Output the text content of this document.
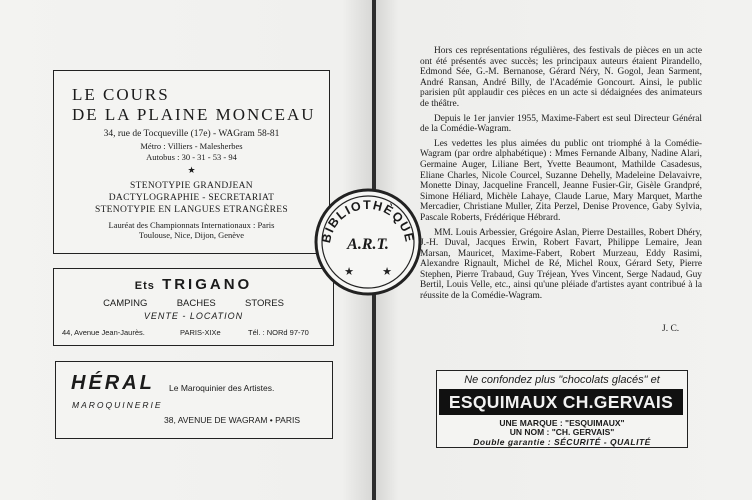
LE COURS
DE LA PLAINE MONCEAU
34, rue de Tocqueville (17e) - WAGram 58-81
Métro : Villiers - Malesherbes
Autobus : 30 - 31 - 53 - 94
★
STENOTYPIE GRANDJEAN
DACTYLOGRAPHIE - SECRETARIAT
STENOTYPIE EN LANGUES ETRANGÈRES
Lauréat des Championnats Internationaux : Paris
Toulouse, Nice, Dijon, Genève
Ets TRIGANO
CAMPING	BACHES	STORES
VENTE - LOCATION
44, Avenue Jean-Jaurès.	PARIS-XIXe	Tél. : NORd 97-70
HÉRAL Le Maroquinier des Artistes.
MAROQUINERIE
38, AVENUE DE WAGRAM • PARIS

Hors ces représentations régulières, des festivals de pièces en un acte ont été présentés avec succès; les principaux auteurs étaient Pirandello, Edmond Sée, G.-M. Bernanose, Gérard Néry, N. Gogol, Jean Sarment, André Ransan, André Billy, de l'Académie Goncourt. Ainsi, le public parisien pût applaudir ces pièces en un acte si dédaignées des animateurs de théâtre.

Depuis le 1er janvier 1955, Maxime-Fabert est seul Directeur Général de la Comédie-Wagram.

Les vedettes les plus aimées du public ont triomphé à la Comédie-Wagram (par ordre alphabétique) : Mmes Fernande Albany, Nadine Alari, Germaine Auger, Liliane Bert, Yvette Beaumont, Mathilde Casadesus, Eliane Charles, Nicole Courcel, Suzanne Dehelly, Madeleine Delavaivre, Monette Dinay, Jacqueline Francell, Jeanne Fusier-Gir, Gisèle Grandpré, Simone Héliard, Michèle Lahaye, Claude Larue, Mary Marquet, Marthe Mercadier, Christiane Muller, Zita Perzel, Denise Provence, Gaby Sylvia, Pascale Roberts, Frédérique Hébrard.

MM. Louis Arbessier, Grégoire Aslan, Pierre Destailles, Robert Dhéry, J.-H. Duval, Jacques Erwin, Robert Favart, Philippe Lemaire, Jean Marsan, Mauricet, Maxime-Fabert, Robert Murzeau, Eddy Rasimi, Alexandre Rignault, Michel de Ré, Michel Roux, Gérard Sety, Pierre Stephen, Pierre Trabaud, Guy Tréjean, Yves Vincent, Serge Nadaud, Guy Bertil, Louis Velle, etc., ainsi qu'une pléiade d'artistes ayant contribué à la réussite de la Comédie-Wagram.

J. C.
Ne confondez plus "chocolats glacés" et
ESQUIMAUX CH.GERVAIS
UNE MARQUE : "ESQUIMAUX"
UN NOM : "CH. GERVAIS"
Double garantie : SÉCURITÉ - QUALITÉ
BIBLIOTHÈQUE
A.R.T.
★	★
